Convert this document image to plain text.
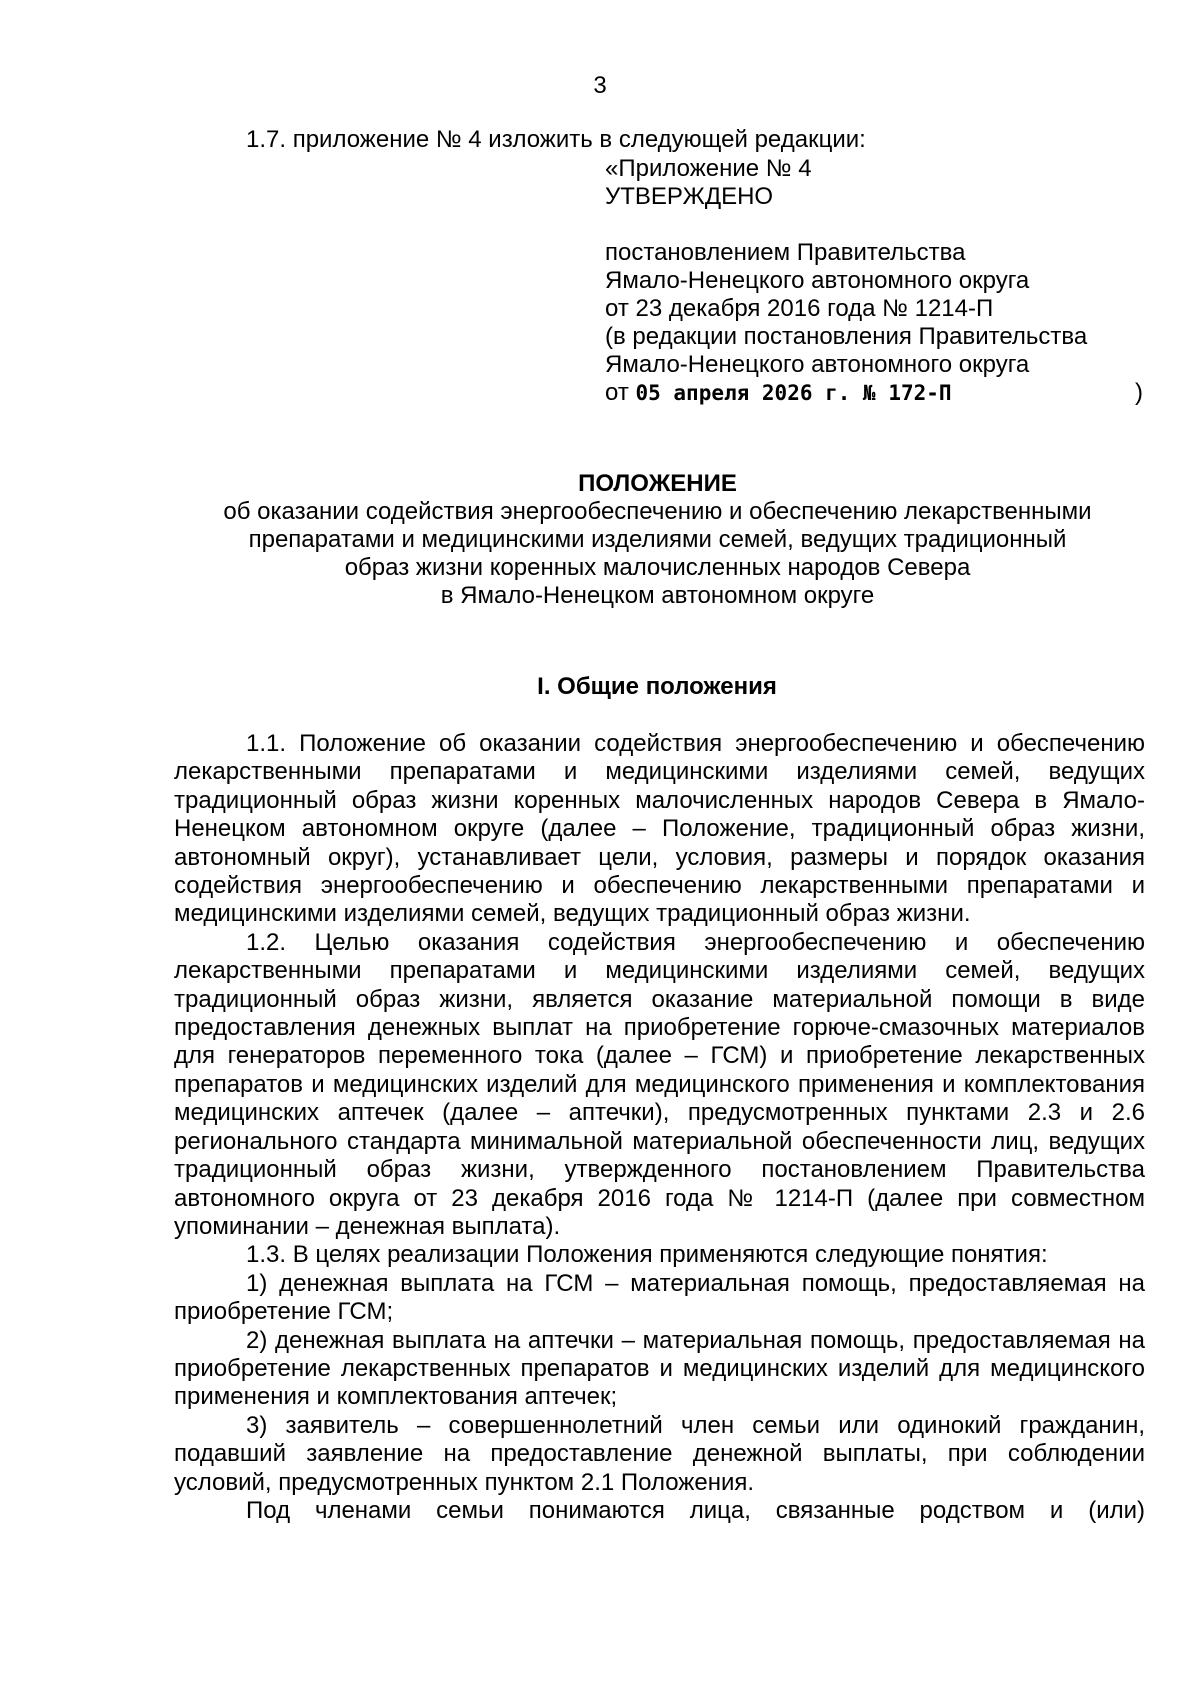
3
1.7. приложение № 4 изложить в следующей редакции:
«Приложение № 4
УТВЕРЖДЕНО
постановлением Правительства
Ямало-Ненецкого автономного округа
от 23 декабря 2016 года № 1214-П
(в редакции постановления Правительства
Ямало-Ненецкого автономного округа
от 05 апреля 2026 г. № 172-П	)
ПОЛОЖЕНИЕ
об оказании содействия энергообеспечению и обеспечению лекарственными
препаратами и медицинскими изделиями семей, ведущих традиционный
образ жизни коренных малочисленных народов Севера
в Ямало-Ненецком автономном округе
I. Общие положения

1.1. Положение об оказании содействия энергообеспечению и обеспечению лекарственными препаратами и медицинскими изделиями семей, ведущих традиционный образ жизни коренных малочисленных народов Севера в Ямало-Ненецком автономном округе (далее – Положение, традиционный образ жизни, автономный округ), устанавливает цели, условия, размеры и порядок оказания содействия энергообеспечению и обеспечению лекарственными препаратами и медицинскими изделиями семей, ведущих традиционный образ жизни.

1.2. Целью оказания содействия энергообеспечению и обеспечению лекарственными препаратами и медицинскими изделиями семей, ведущих традиционный образ жизни, является оказание материальной помощи в виде предоставления денежных выплат на приобретение горюче-смазочных материалов для генераторов переменного тока (далее – ГСМ) и приобретение лекарственных препаратов и медицинских изделий для медицинского применения и комплектования медицинских аптечек (далее – аптечки), предусмотренных пунктами 2.3 и 2.6 регионального стандарта минимальной материальной обеспеченности лиц, ведущих традиционный образ жизни, утвержденного постановлением Правительства автономного округа от 23 декабря 2016 года № 1214-П (далее при совместном упоминании – денежная выплата).

1.3. В целях реализации Положения применяются следующие понятия:

1) денежная выплата на ГСМ – материальная помощь, предоставляемая на приобретение ГСМ;

2) денежная выплата на аптечки – материальная помощь, предоставляемая на приобретение лекарственных препаратов и медицинских изделий для медицинского применения и комплектования аптечек;

3) заявитель – совершеннолетний член семьи или одинокий гражданин, подавший заявление на предоставление денежной выплаты, при соблюдении условий, предусмотренных пунктом 2.1 Положения.

Под членами семьи понимаются лица, связанные родством и (или)
